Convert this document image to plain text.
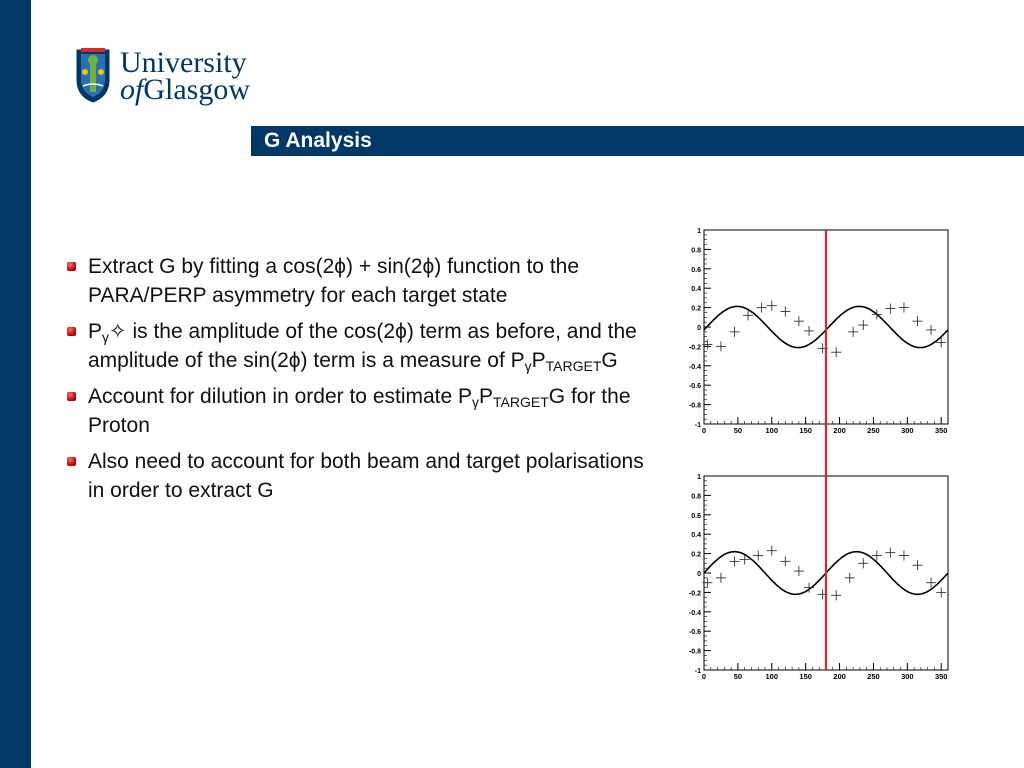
University
ofGlasgow
G Analysis
Extract G by fitting a cos(2ϕ) + sin(2ϕ) function to the PARA/PERP asymmetry for each target state
$P_\gamma✧$ is the amplitude of the cos(2ϕ) term as before, and the amplitude of the sin(2ϕ) term is a measure of $P_\gamma P_{TARGET}G$
Account for dilution in order to estimate $P_\gamma P_{TARGET}G$ for the Proton
Also need to account for both beam and target polarisations in order to extract G
1
0.8
0.6
0.4
0.2
0
-0.2
-0.4
-0.6
-0.8
-1
0	50	100	150	200	250	300	350
1
0.8
0.6
0.4
0.2
0
-0.2
-0.4
-0.6
-0.8
-1
0	50	100	150	200	250	300	350
